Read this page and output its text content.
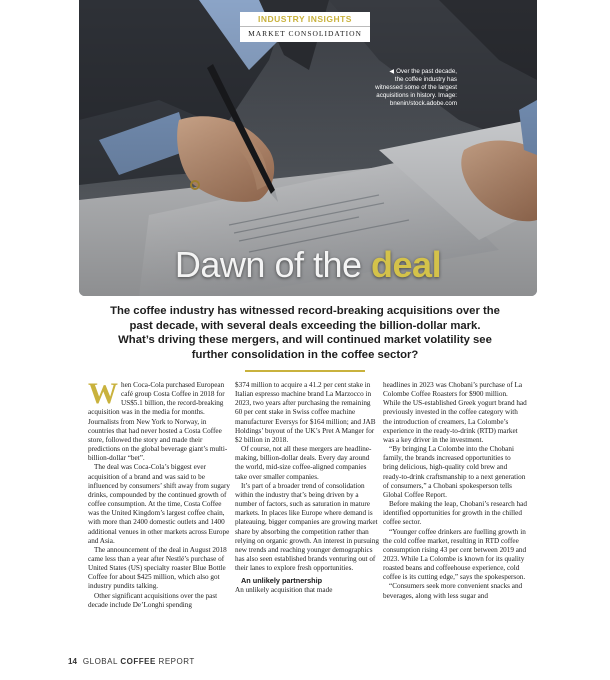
◀ Over the past decade,
the coffee industry has
witnessed some of the largest
acquisitions in history. Image:
bnenin/stock.adobe.com
Dawn of the deal
INDUSTRY INSIGHTS
MARKET CONSOLIDATION
The coffee industry has witnessed record-breaking acquisitions over the past decade, with several deals exceeding the billion-dollar mark. What’s driving these mergers, and will continued market volatility see further consolidation in the coffee sector?
W hen Coca-Cola purchased European café group Costa Coffee in 2018 for US$5.1 billion, the record-breaking acquisition was in the media for months. Journalists from New York to Norway, in countries that had never hosted a Costa Coffee store, followed the story and made their predictions on the global beverage giant’s multi-billion-dollar “bet”.

The deal was Coca-Cola’s biggest ever acquisition of a brand and was said to be influenced by consumers’ shift away from sugary drinks, compounded by the continued growth of coffee consumption. At the time, Costa Coffee was the United Kingdom’s largest coffee chain, with more than 2400 domestic outlets and 1400 additional venues in other markets across Europe and Asia.

The announcement of the deal in August 2018 came less than a year after Nestlé’s purchase of United States (US) specialty roaster Blue Bottle Coffee for about $425 million, which also got industry pundits talking.

Other significant acquisitions over the past decade include De’Longhi spending

$374 million to acquire a 41.2 per cent stake in Italian espresso machine brand La Marzocco in 2023, two years after purchasing the remaining 60 per cent stake in Swiss coffee machine manufacturer Eversys for $164 million; and JAB Holdings’ buyout of the UK’s Pret A Manger for $2 billion in 2018.

Of course, not all these mergers are headline-making, billion-dollar deals. Every day around the world, mid-size coffee-aligned companies take over smaller companies.

It’s part of a broader trend of consolidation within the industry that’s being driven by a number of factors, such as saturation in mature markets. In places like Europe where demand is plateauing, bigger companies are growing market share by absorbing the competition rather than relying on organic growth. An interest in pursuing new trends and reaching younger demographics has also seen established brands venturing out of their lanes to explore fresh opportunities.

An unlikely partnership

An unlikely acquisition that made

headlines in 2023 was Chobani’s purchase of La Colombe Coffee Roasters for $900 million. While the US-established Greek yogurt brand had previously invested in the coffee category with the introduction of creamers, La Colombe’s experience in the ready-to-drink (RTD) market was a key driver in the investment.

“By bringing La Colombe into the Chobani family, the brands increased opportunities to bring delicious, high-quality cold brew and ready-to-drink craftsmanship to a next generation of consumers,” a Chobani spokesperson tells Global Coffee Report.

Before making the leap, Chobani’s research had identified opportunities for growth in the chilled coffee sector.

“Younger coffee drinkers are fuelling growth in the cold coffee market, resulting in RTD coffee consumption rising 43 per cent between 2019 and 2023. While La Colombe is known for its quality roasted beans and coffeehouse experience, cold coffee is its cutting edge,” says the spokesperson.

“Consumers seek more convenient snacks and beverages, along with less sugar and

14 GLOBAL COFFEE REPORT
